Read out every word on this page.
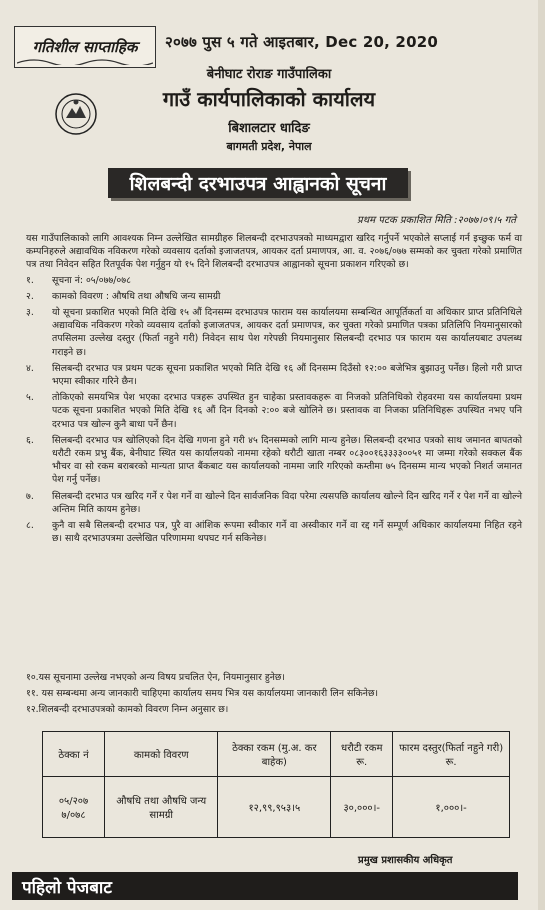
गतिशील साप्ताहिक २०७७ पुस ५ गते आइतबार, Dec 20, 2020
बेनीघाट रोराङ गाउँपालिका
गाउँ कार्यपालिकाको कार्यालय
बिशालटार धादिङ
बागमती प्रदेश, नेपाल
शिलबन्दी दरभाउपत्र आह्वानको सूचना
प्रथम पटक प्रकाशित मिति :२०७७।०९।५ गते

यस गाउँपालिकाको लागि आवश्यक निम्न उल्लेखित सामग्रीहरु शिलबन्दी दरभाउपत्रको माध्यमद्वारा खरिद गर्नुपर्ने भएकोले सप्लाई गर्न इच्छुक फर्म वा कम्पनिहरुले अद्यावधिक नविकरण गरेको व्यवसाय दर्ताको इजाजतपत्र, आयकर दर्ता प्रमाणपत्र, आ. व. २०७६/०७७ सम्मको कर चुक्ता गरेको प्रमाणित पत्र तथा निवेदन सहित रितपूर्वक पेश गर्नुहुन यो १५ दिने शिलबन्दी दरभाउपत्र आह्वानको सूचना प्रकाशन गरिएको छ।

१.	सूचना नं: ०५/०७७/०७८
२.	कामको विवरण : औषधि तथा औषधि जन्य सामग्री
३.	यो सूचना प्रकाशित भएको मिति देखि १५ औं दिनसम्म दरभाउपत्र फाराम यस कार्यालयमा सम्बन्धित आपूर्तिकर्ता वा अधिकार प्राप्त प्रतिनिधिले अद्यावधिक नविकरण गरेको व्यवसाय दर्ताको इजाजतपत्र, आयकर दर्ता प्रमाणपत्र, कर चुक्ता गरेको प्रमाणित पत्रका प्रतिलिपि नियमानुसारको तपसिलमा उल्लेख दस्तुर (फिर्ता नहुने गरी) निवेदन साथ पेश गरेपछी नियमानुसार सिलबन्दी दरभाउ पत्र फाराम यस कार्यालयबाट उपलब्ध गराइने छ।
४.	सिलबन्दी दरभाउ पत्र प्रथम पटक सूचना प्रकाशित भएको मिति देखि १६ औं दिनसम्म दिउँसो १२:०० बजेभित्र बुझाउनु पर्नेछ। हिलो गरी प्राप्त भएमा स्वीकार गरिने छैन।
५.	तोकिएको समयभित्र पेश भएका दरभाउ पत्रहरू उपस्थित हुन चाहेका प्रस्तावकहरू वा निजको प्रतिनिधिको रोहवरमा यस कार्यालयमा प्रथम पटक सूचना प्रकाशित भएको मिति देखि १६ औं दिन दिनको २:०० बजे खोलिने छ। प्रस्तावक वा निजका प्रतिनिधिहरू उपस्थित नभए पनि दरभाउ पत्र खोल्न कुनै बाधा पर्ने छैन।
६.	सिलबन्दी दरभाउ पत्र खोलिएको दिन देखि गणना हुने गरी ४५ दिनसम्मको लागि मान्य हुनेछ। सिलबन्दी दरभाउ पत्रको साथ जमानत बापतको धरौटी रकम प्रभु बैंक, बेनीघाट स्थित यस कार्यालयको नाममा रहेको धरौटी खाता नम्बर ०८३००१६३३३३००५१ मा जम्मा गरेको सक्कल बैंक भौचर वा सो रकम बराबरको मान्यता प्राप्त बैंकबाट यस कार्यालयको नाममा जारि गरिएको कम्तीमा ७५ दिनसम्म मान्य भएको निशर्त जमानत पेश गर्नु पर्नेछ।
७.	सिलबन्दी दरभाउ पत्र खरिद गर्ने र पेश गर्ने वा खोल्ने दिन सार्वजनिक विदा परेमा त्यसपछि कार्यालय खोल्ने दिन खरिद गर्ने र पेश गर्ने वा खोल्ने अन्तिम मिति कायम हुनेछ।
८.	कुनै वा सबै सिलबन्दी दरभाउ पत्र, पुरै वा आंशिक रूपमा स्वीकार गर्ने वा अस्वीकार गर्ने वा रद्द गर्ने सम्पूर्ण अधिकार कार्यालयमा निहित रहने छ। साथै दरभाउपत्रमा उल्लेखित परिणाममा थपघट गर्न सकिनेछ।
१०.यस सूचनामा उल्लेख नभएको अन्य विषय प्रचलित ऐन, नियमानुसार हुनेछ।
११. यस सम्बन्धमा अन्य जानकारी चाहिएमा कार्यालय समय भित्र यस कार्यालयमा जानकारी लिन सकिनेछ।
१२.शिलबन्दी दरभाउपत्रको कामको विवरण निम्न अनुसार छ।
ठेक्का नं	कामको विवरण	ठेक्का रकम (मु.अ. कर बाहेक)	धरौटी रकम रू.	फारम दस्तुर(फिर्ता नहुने गरी) रू.
०५/२०७ ७/०७८	औषधि तथा औषधि जन्य सामग्री	१२,९९,९५३।५	३०,०००।-	१,०००।-
प्रमुख प्रशासकीय अधिकृत
पहिलो पेजबाट
